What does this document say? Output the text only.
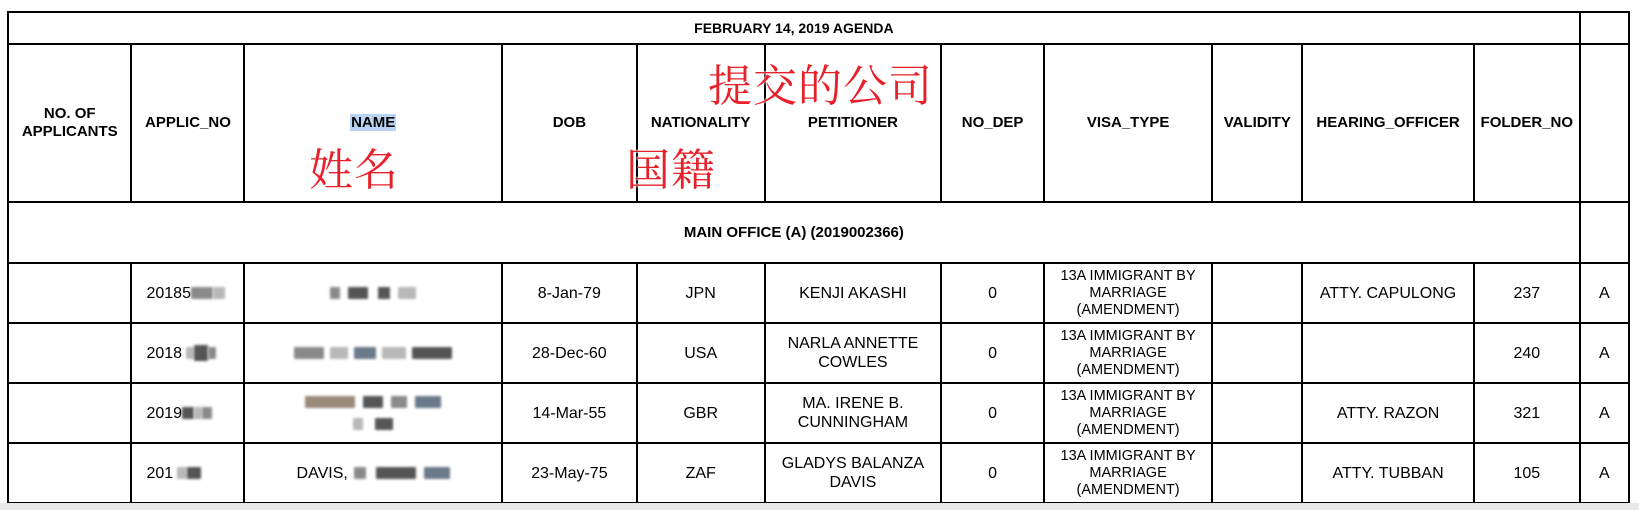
FEBRUARY 14, 2019 AGENDA											
NO. OF APPLICANTS	APPLIC_NO	NAME	DOB	NATIONALITY	PETITIONER	NO_DEP	VISA_TYPE	VALIDITY	HEARING_OFFICER	FOLDER_NO	
MAIN OFFICE (A) (2019002366)											
	20185		8-Jan-79	JPN	KENJI AKASHI	0	13A IMMIGRANT BY MARRIAGE (AMENDMENT)		ATTY. CAPULONG	237	A
	2018		28-Dec-60	USA	NARLA ANNETTE COWLES	0	13A IMMIGRANT BY MARRIAGE (AMENDMENT)			240	A
	2019		14-Mar-55	GBR	MA. IRENE B. CUNNINGHAM	0	13A IMMIGRANT BY MARRIAGE (AMENDMENT)		ATTY. RAZON	321	A
	201	DAVIS,	23-May-75	ZAF	GLADYS BALANZA DAVIS	0	13A IMMIGRANT BY MARRIAGE (AMENDMENT)		ATTY. TUBBAN	105	A
姓名	国籍
提交的公司
